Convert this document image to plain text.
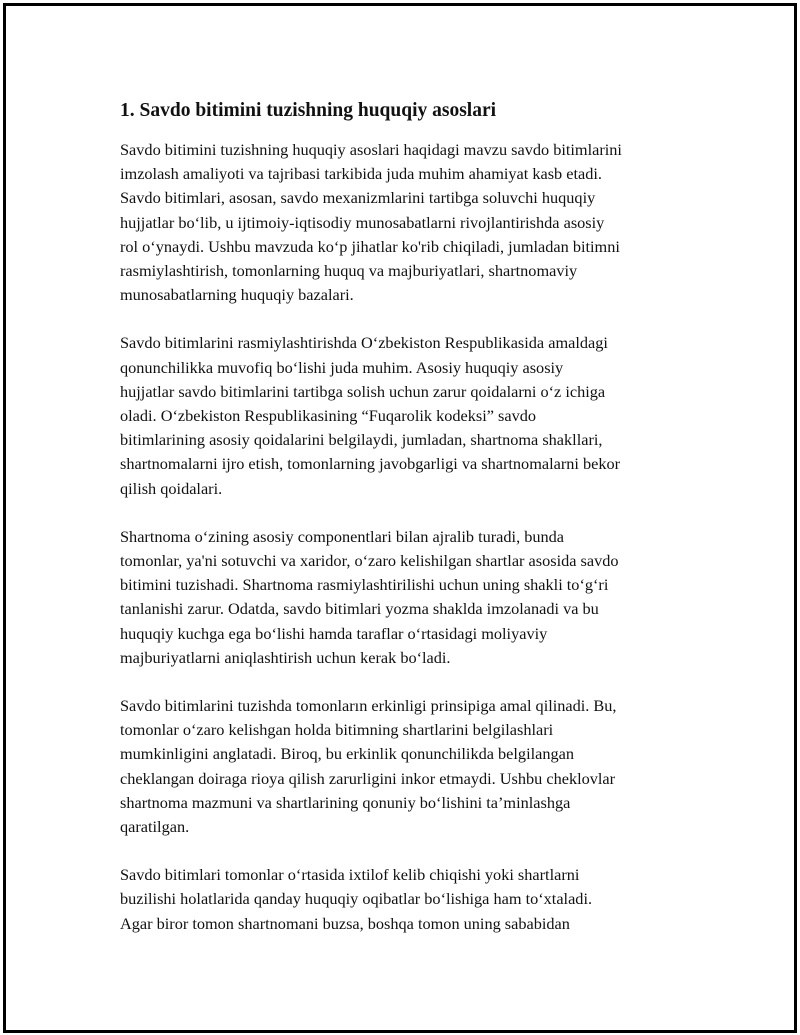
1. Savdo bitimini tuzishning huquqiy asoslari
Savdo bitimini tuzishning huquqiy asoslari haqidagi mavzu savdo bitimlarini
imzolash amaliyoti va tajribasi tarkibida juda muhim ahamiyat kasb etadi.
Savdo bitimlari, asosan, savdo mexanizmlarini tartibga soluvchi huquqiy
hujjatlar bo‘lib, u ijtimoiy-iqtisodiy munosabatlarni rivojlantirishda asosiy
rol o‘ynaydi. Ushbu mavzuda ko‘p jihatlar ko'rib chiqiladi, jumladan bitimni
rasmiylashtirish, tomonlarning huquq va majburiyatlari, shartnomaviy
munosabatlarning huquqiy bazalari.
Savdo bitimlarini rasmiylashtirishda O‘zbekiston Respublikasida amaldagi
qonunchilikka muvofiq bo‘lishi juda muhim. Asosiy huquqiy asosiy
hujjatlar savdo bitimlarini tartibga solish uchun zarur qoidalarni o‘z ichiga
oladi. O‘zbekiston Respublikasining “Fuqarolik kodeksi” savdo
bitimlarining asosiy qoidalarini belgilaydi, jumladan, shartnoma shakllari,
shartnomalarni ijro etish, tomonlarning javobgarligi va shartnomalarni bekor
qilish qoidalari.
Shartnoma o‘zining asosiy componentlari bilan ajralib turadi, bunda
tomonlar, ya'ni sotuvchi va xaridor, o‘zaro kelishilgan shartlar asosida savdo
bitimini tuzishadi. Shartnoma rasmiylashtirilishi uchun uning shakli to‘g‘ri
tanlanishi zarur. Odatda, savdo bitimlari yozma shaklda imzolanadi va bu
huquqiy kuchga ega bo‘lishi hamda taraflar o‘rtasidagi moliyaviy
majburiyatlarni aniqlashtirish uchun kerak bo‘ladi.
Savdo bitimlarini tuzishda tomonların erkinligi prinsipiga amal qilinadi. Bu,
tomonlar o‘zaro kelishgan holda bitimning shartlarini belgilashlari
mumkinligini anglatadi. Biroq, bu erkinlik qonunchilikda belgilangan
cheklangan doiraga rioya qilish zarurligini inkor etmaydi. Ushbu cheklovlar
shartnoma mazmuni va shartlarining qonuniy bo‘lishini ta’minlashga
qaratilgan.
Savdo bitimlari tomonlar o‘rtasida ixtilof kelib chiqishi yoki shartlarni
buzilishi holatlarida qanday huquqiy oqibatlar bo‘lishiga ham to‘xtaladi.
Agar biror tomon shartnomani buzsa, boshqa tomon uning sababidan
